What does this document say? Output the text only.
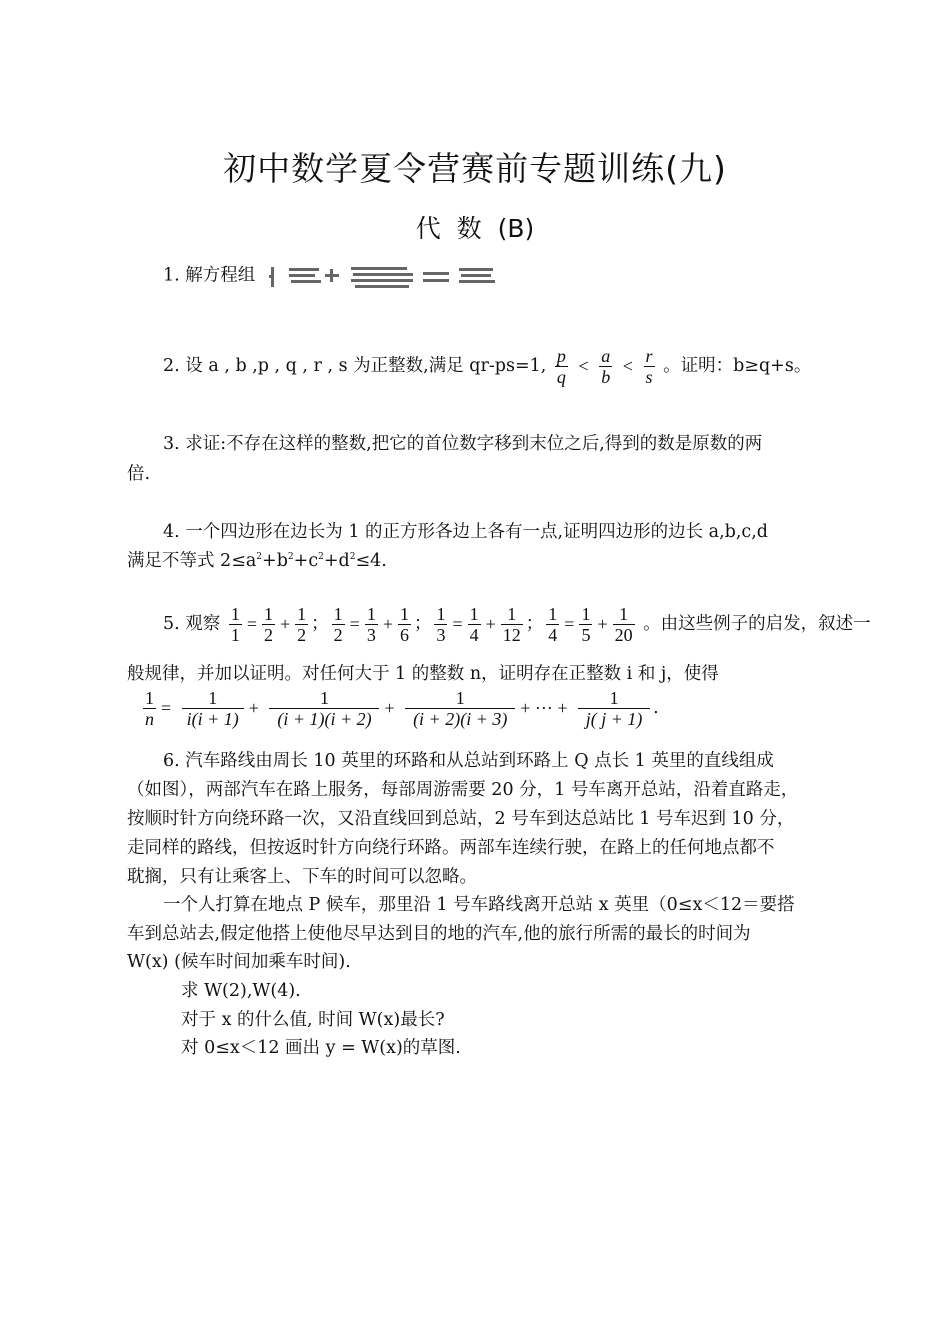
初中数学夏令营赛前专题训练(九)
代 数 (B)
1. 解方程组
2. 设 a , b ,p , q , r , s 为正整数,满足 qr-ps=1, $\frac{p}{q} < \frac{a}{b} < \frac{r}{s}$ 。证明：b≥q+s。
3. 求证:不存在这样的整数,把它的首位数字移到末位之后,得到的数是原数的两
倍.
4. 一个四边形在边长为 1 的正方形各边上各有一点,证明四边形的边长 a,b,c,d
满足不等式 $2\le a^2+b^2+c^2+d^2\le 4$.
5. 观察 $\frac{1}{1} = \frac{1}{2} + \frac{1}{2}$ ； $\frac{1}{2} = \frac{1}{3} + \frac{1}{6}$ ； $\frac{1}{3} = \frac{1}{4} + \frac{1}{12}$ ； $\frac{1}{4} = \frac{1}{5} + \frac{1}{20}$ 。由这些例子的启发，叙述一
般规律，并加以证明。对任何大于 1 的整数 n，证明存在正整数 i 和 j，使得
$\frac{1}{n} = \frac{1}{i(i + 1)} + \frac{1}{(i + 1)(i + 2)} + \frac{1}{(i + 2)(i + 3)}$ + ··· + $\frac{1}{j( j + 1)}$ .
6. 汽车路线由周长 10 英里的环路和从总站到环路上 Q 点长 1 英里的直线组成
（如图），两部汽车在路上服务，每部周游需要 20 分，1 号车离开总站，沿着直路走，
按顺时针方向绕环路一次，又沿直线回到总站，2 号车到达总站比 1 号车迟到 10 分，
走同样的路线，但按返时针方向绕行环路。两部车连续行驶，在路上的任何地点都不
耽搁，只有让乘客上、下车的时间可以忽略。
一个人打算在地点 P 候车，那里沿 1 号车路线离开总站 x 英里（0≤x＜12＝要搭
车到总站去,假定他搭上使他尽早达到目的地的汽车,他的旅行所需的最长的时间为
W(x) (候车时间加乘车时间).
求 W(2),W(4).
对于 x 的什么值, 时间 W(x)最长?
对 0≤x＜12 画出 y = W(x)的草图.
